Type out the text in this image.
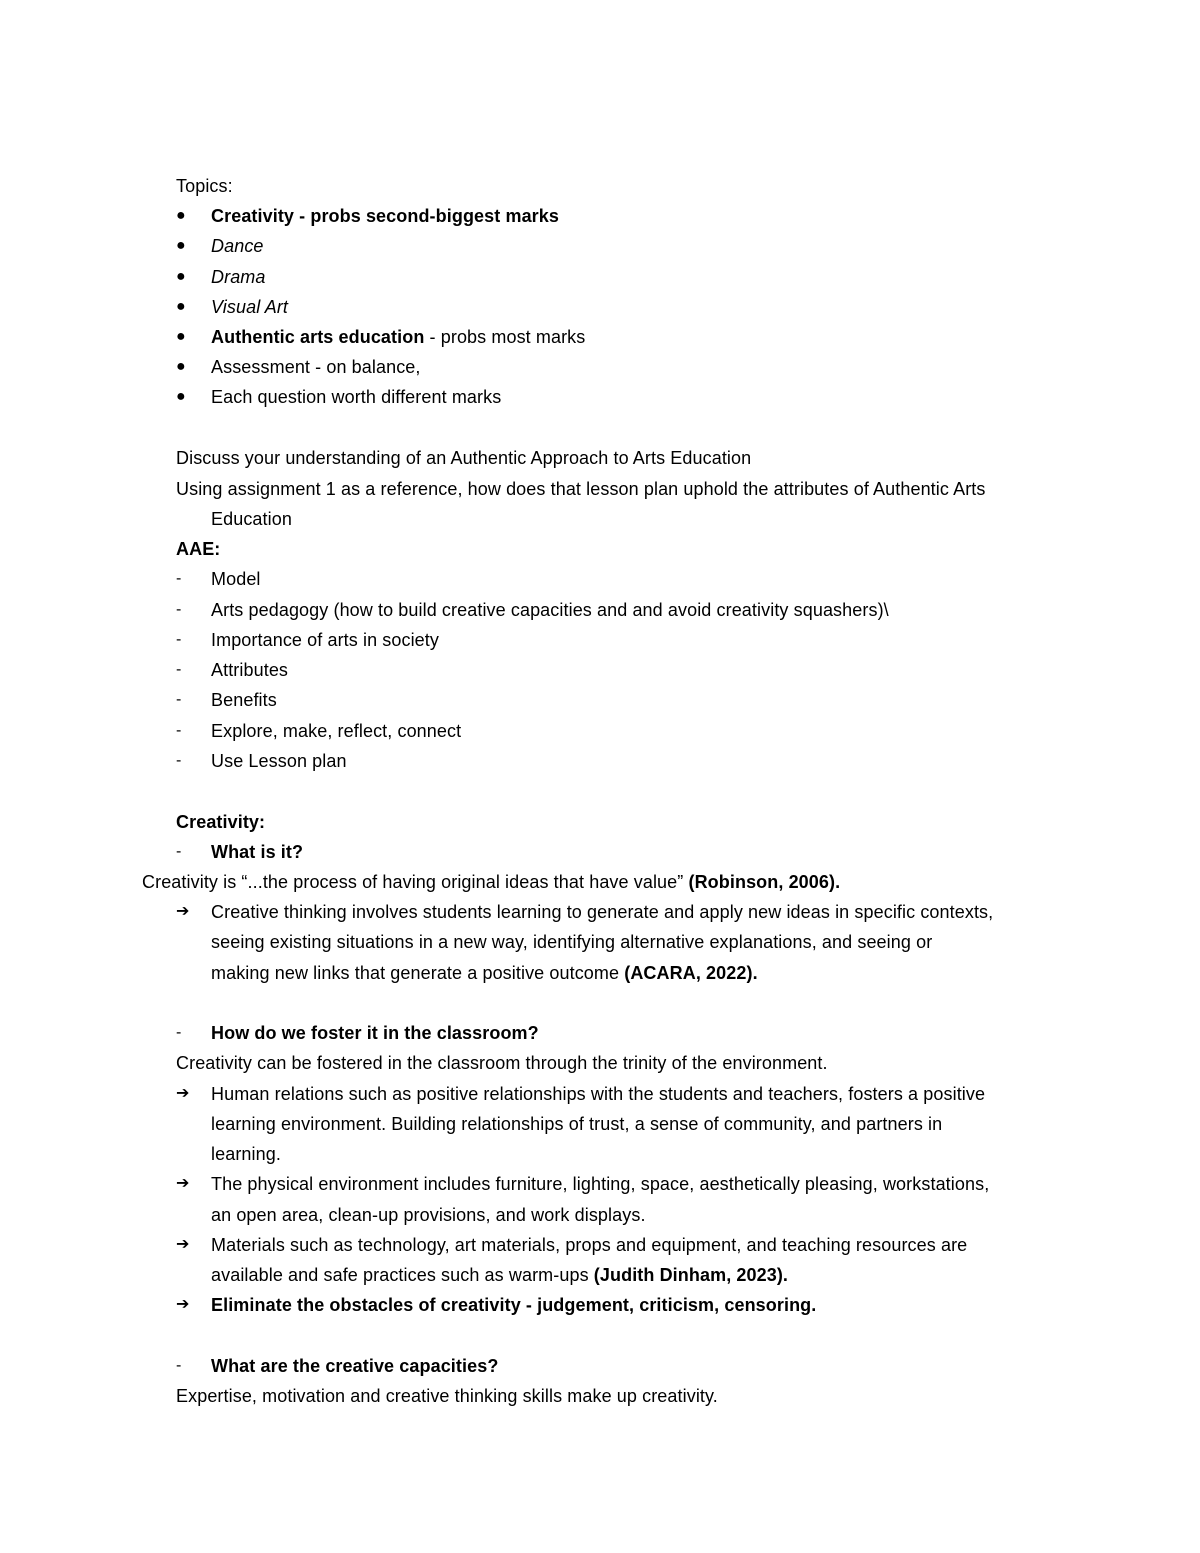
Topics:
●	Creativity - probs second-biggest marks
●	Dance
●	Drama
●	Visual Art
●	Authentic arts education - probs most marks
●	Assessment - on balance,
●	Each question worth different marks
Discuss your understanding of an Authentic Approach to Arts Education
Using assignment 1 as a reference, how does that lesson plan uphold the attributes of Authentic Arts
Education
AAE:
-	Model
-	Arts pedagogy (how to build creative capacities and and avoid creativity squashers)\
-	Importance of arts in society
-	Attributes
-	Benefits
-	Explore, make, reflect, connect
-	Use Lesson plan
Creativity:
-	What is it?
Creativity is “...the process of having original ideas that have value” (Robinson, 2006).
➔ Creative thinking involves students learning to generate and apply new ideas in specific contexts,
seeing existing situations in a new way, identifying alternative explanations, and seeing or
making new links that generate a positive outcome (ACARA, 2022).
-	How do we foster it in the classroom?
Creativity can be fostered in the classroom through the trinity of the environment.
➔ Human relations such as positive relationships with the students and teachers, fosters a positive
learning environment. Building relationships of trust, a sense of community, and partners in
learning.
➔ The physical environment includes furniture, lighting, space, aesthetically pleasing, workstations,
an open area, clean-up provisions, and work displays.
➔ Materials such as technology, art materials, props and equipment, and teaching resources are
available and safe practices such as warm-ups (Judith Dinham, 2023).
➔ Eliminate the obstacles of creativity - judgement, criticism, censoring.
-	What are the creative capacities?
Expertise, motivation and creative thinking skills make up creativity.
